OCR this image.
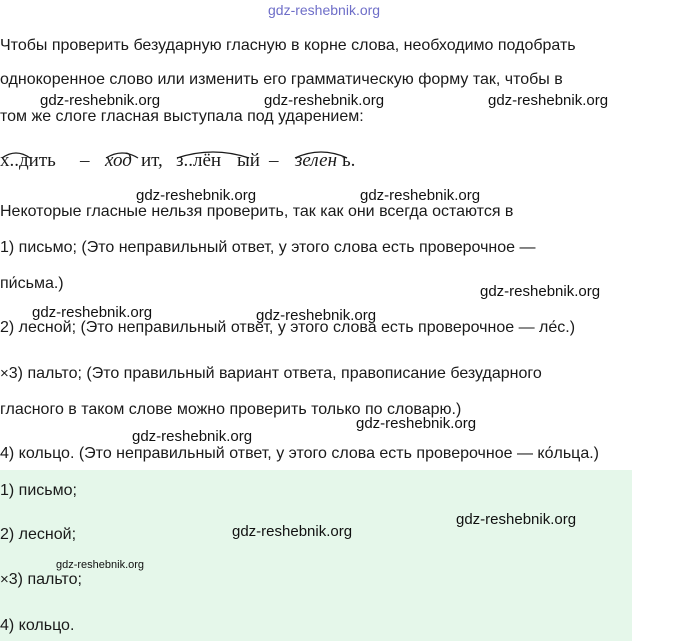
gdz-reshebnik.org
Чтобы проверить безударную гласную в корне слова, необходимо подобрать
однокоренное слово или изменить его грамматическую форму так, чтобы в
том же слоге гласная выступала под ударением:
gdz-reshebnik.org	gdz-reshebnik.org	gdz-reshebnik.org
х..дить – ход ит, з..лён ый – зелен ь.
gdz-reshebnik.org	gdz-reshebnik.org
Некоторые гласные нельзя проверить, так как они всегда остаются в
1) письмо; (Это неправильный ответ, у этого слова есть проверочное —
пи́сьма.)	gdz-reshebnik.org
gdz-reshebnik.org	gdz-reshebnik.org
2) лесной; (Это неправильный ответ, у этого слова есть проверочное — ле́с.)
×3) пальто; (Это правильный вариант ответа, правописание безударного
гласного в таком слове можно проверить только по словарю.)
gdz-reshebnik.org
gdz-reshebnik.org
4) кольцо. (Это неправильный ответ, у этого слова есть проверочное — ко́льца.)
1) письмо;
2) лесной;
×3) пальто;
4) кольцо.
gdz-reshebnik.org
gdz-reshebnik.org
gdz-reshebnik.org
